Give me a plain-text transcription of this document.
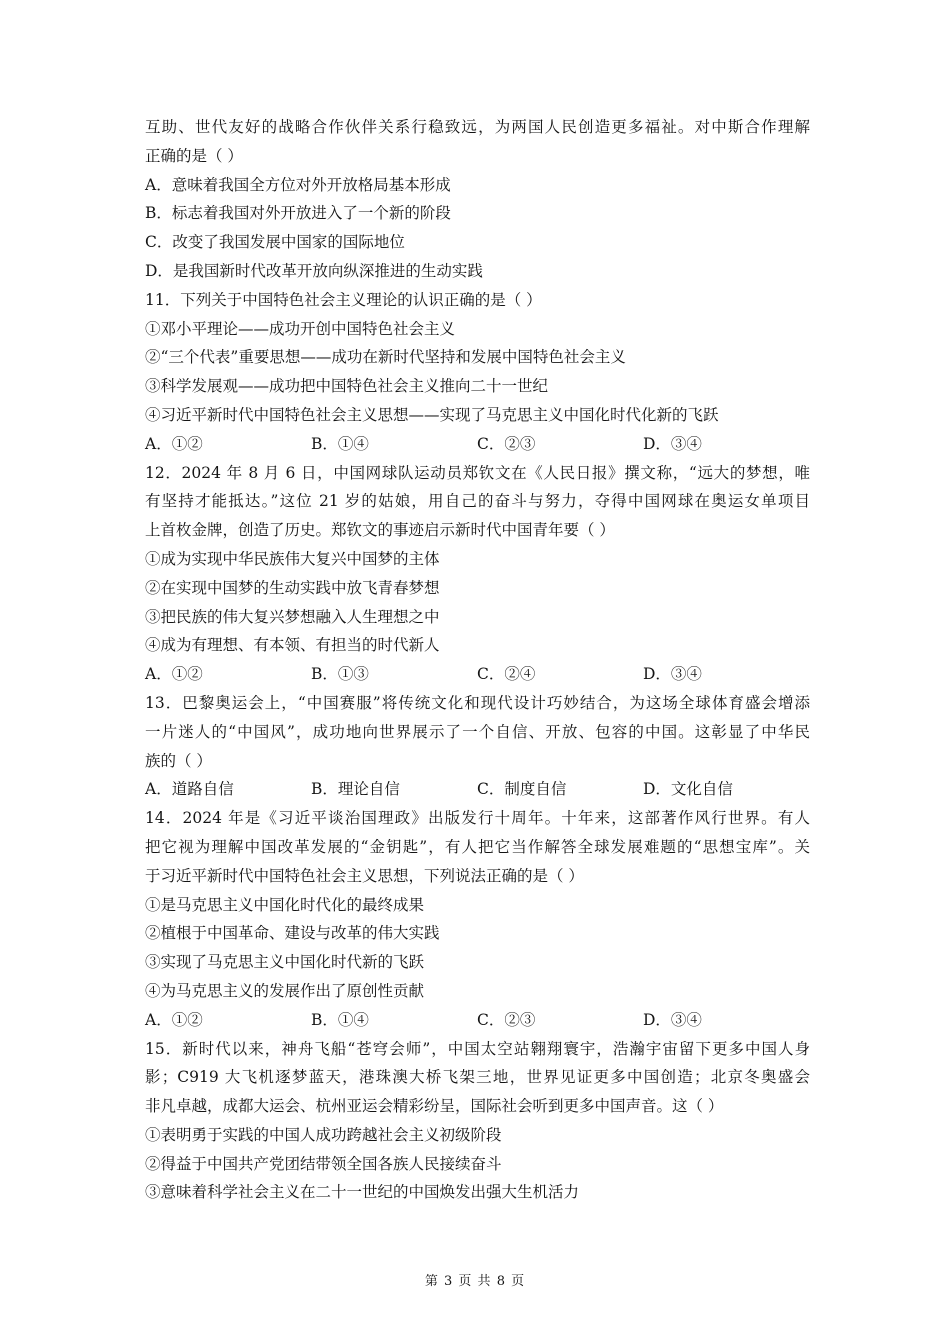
互助、世代友好的战略合作伙伴关系行稳致远，为两国人民创造更多福祉。对中斯合作理解
正确的是（ ）
A．意味着我国全方位对外开放格局基本形成
B．标志着我国对外开放进入了一个新的阶段
C．改变了我国发展中国家的国际地位
D．是我国新时代改革开放向纵深推进的生动实践
11．下列关于中国特色社会主义理论的认识正确的是（ ）
①邓小平理论——成功开创中国特色社会主义
②“三个代表”重要思想——成功在新时代坚持和发展中国特色社会主义
③科学发展观——成功把中国特色社会主义推向二十一世纪
④习近平新时代中国特色社会主义思想——实现了马克思主义中国化时代化新的飞跃
A．①②	B．①④	C．②③	D．③④
12．2024 年 8 月 6 日，中国网球队运动员郑钦文在《人民日报》撰文称，“远大的梦想，唯
有坚持才能抵达。”这位 21 岁的姑娘，用自己的奋斗与努力，夺得中国网球在奥运女单项目
上首枚金牌，创造了历史。郑钦文的事迹启示新时代中国青年要（ ）
①成为实现中华民族伟大复兴中国梦的主体
②在实现中国梦的生动实践中放飞青春梦想
③把民族的伟大复兴梦想融入人生理想之中
④成为有理想、有本领、有担当的时代新人
A．①②	B．①③	C．②④	D．③④
13．巴黎奥运会上，“中国赛服”将传统文化和现代设计巧妙结合，为这场全球体育盛会增添
一片迷人的“中国风”，成功地向世界展示了一个自信、开放、包容的中国。这彰显了中华民
族的（ ）
A．道路自信	B．理论自信	C．制度自信	D．文化自信
14．2024 年是《习近平谈治国理政》出版发行十周年。十年来，这部著作风行世界。有人
把它视为理解中国改革发展的“金钥匙”，有人把它当作解答全球发展难题的“思想宝库”。关
于习近平新时代中国特色社会主义思想，下列说法正确的是（ ）
①是马克思主义中国化时代化的最终成果
②植根于中国革命、建设与改革的伟大实践
③实现了马克思主义中国化时代新的飞跃
④为马克思主义的发展作出了原创性贡献
A．①②	B．①④	C．②③	D．③④
15．新时代以来，神舟飞船“苍穹会师”，中国太空站翱翔寰宇，浩瀚宇宙留下更多中国人身
影；C919 大飞机逐梦蓝天，港珠澳大桥飞架三地，世界见证更多中国创造；北京冬奥盛会
非凡卓越，成都大运会、杭州亚运会精彩纷呈，国际社会听到更多中国声音。这（ ）
①表明勇于实践的中国人成功跨越社会主义初级阶段
②得益于中国共产党团结带领全国各族人民接续奋斗
③意味着科学社会主义在二十一世纪的中国焕发出强大生机活力
第 3 页 共 8 页
